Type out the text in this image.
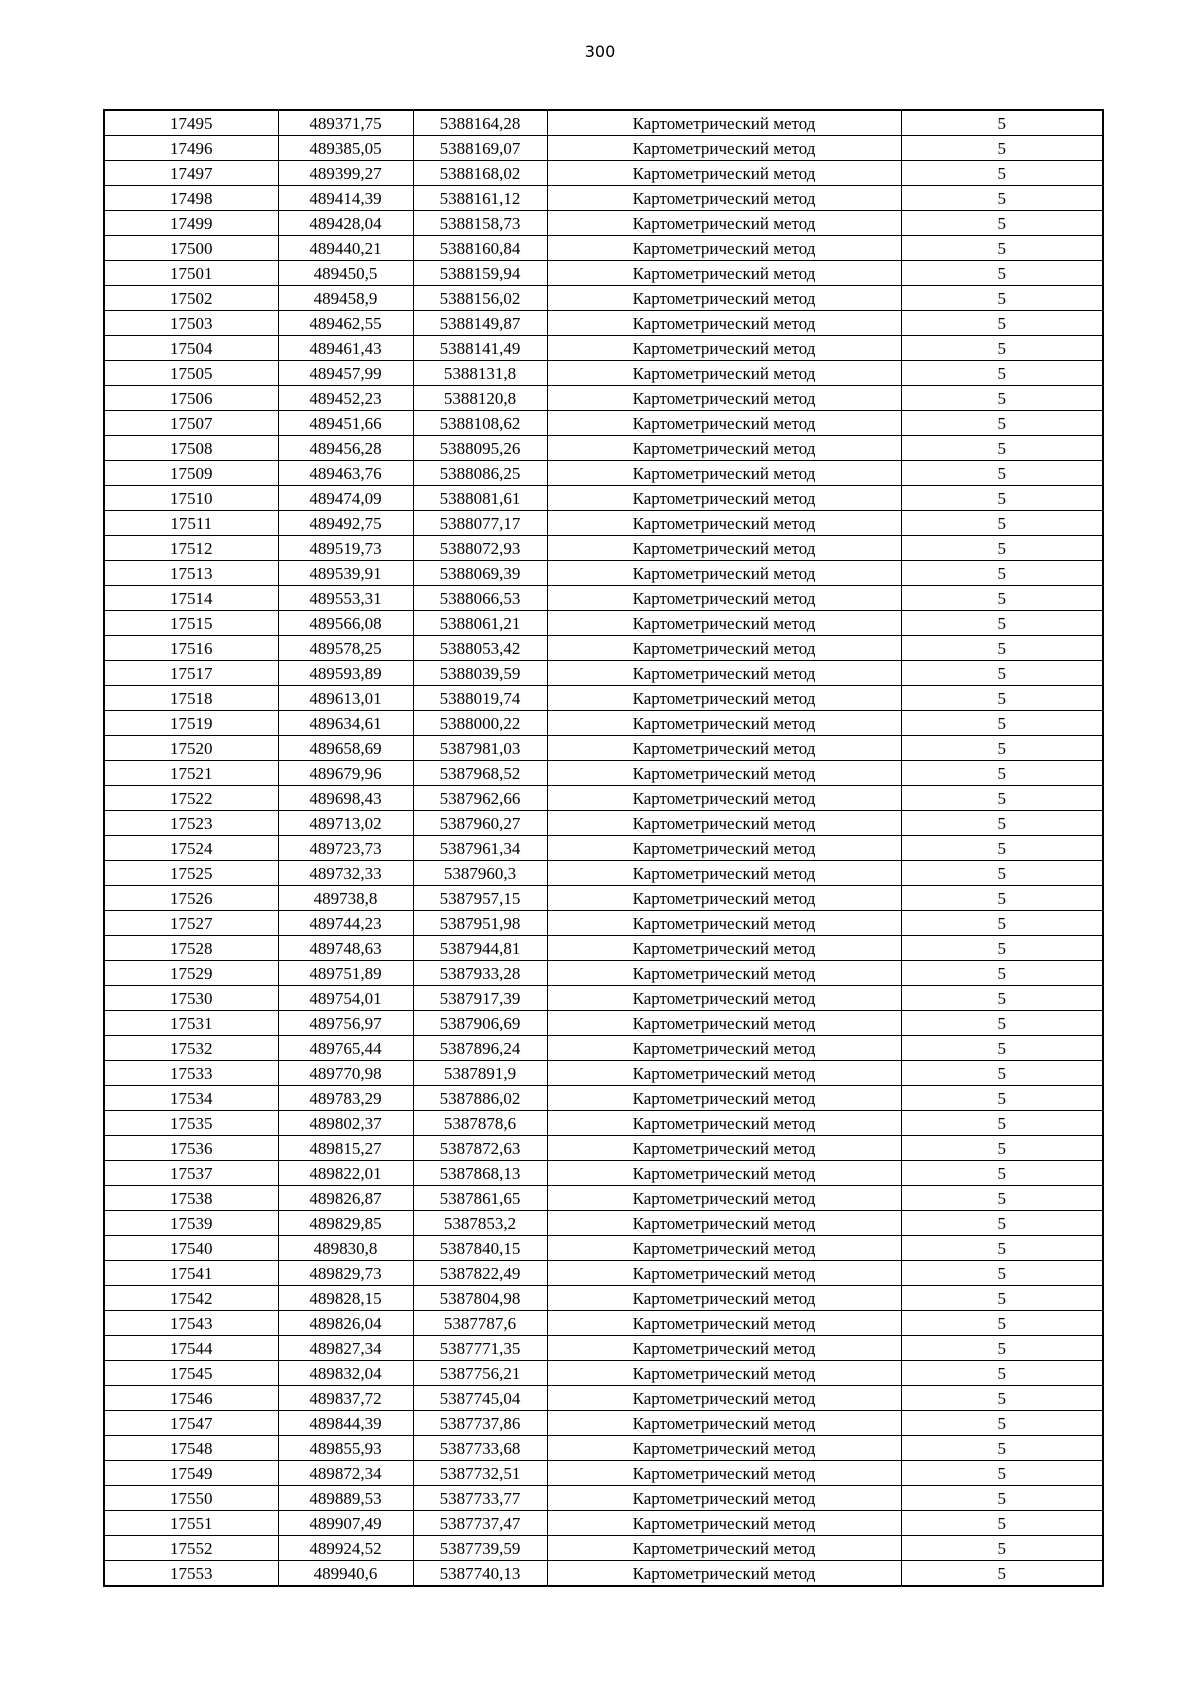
300
17495	489371,75	5388164,28	Картометрический метод	5
17496	489385,05	5388169,07	Картометрический метод	5
17497	489399,27	5388168,02	Картометрический метод	5
17498	489414,39	5388161,12	Картометрический метод	5
17499	489428,04	5388158,73	Картометрический метод	5
17500	489440,21	5388160,84	Картометрический метод	5
17501	489450,5	5388159,94	Картометрический метод	5
17502	489458,9	5388156,02	Картометрический метод	5
17503	489462,55	5388149,87	Картометрический метод	5
17504	489461,43	5388141,49	Картометрический метод	5
17505	489457,99	5388131,8	Картометрический метод	5
17506	489452,23	5388120,8	Картометрический метод	5
17507	489451,66	5388108,62	Картометрический метод	5
17508	489456,28	5388095,26	Картометрический метод	5
17509	489463,76	5388086,25	Картометрический метод	5
17510	489474,09	5388081,61	Картометрический метод	5
17511	489492,75	5388077,17	Картометрический метод	5
17512	489519,73	5388072,93	Картометрический метод	5
17513	489539,91	5388069,39	Картометрический метод	5
17514	489553,31	5388066,53	Картометрический метод	5
17515	489566,08	5388061,21	Картометрический метод	5
17516	489578,25	5388053,42	Картометрический метод	5
17517	489593,89	5388039,59	Картометрический метод	5
17518	489613,01	5388019,74	Картометрический метод	5
17519	489634,61	5388000,22	Картометрический метод	5
17520	489658,69	5387981,03	Картометрический метод	5
17521	489679,96	5387968,52	Картометрический метод	5
17522	489698,43	5387962,66	Картометрический метод	5
17523	489713,02	5387960,27	Картометрический метод	5
17524	489723,73	5387961,34	Картометрический метод	5
17525	489732,33	5387960,3	Картометрический метод	5
17526	489738,8	5387957,15	Картометрический метод	5
17527	489744,23	5387951,98	Картометрический метод	5
17528	489748,63	5387944,81	Картометрический метод	5
17529	489751,89	5387933,28	Картометрический метод	5
17530	489754,01	5387917,39	Картометрический метод	5
17531	489756,97	5387906,69	Картометрический метод	5
17532	489765,44	5387896,24	Картометрический метод	5
17533	489770,98	5387891,9	Картометрический метод	5
17534	489783,29	5387886,02	Картометрический метод	5
17535	489802,37	5387878,6	Картометрический метод	5
17536	489815,27	5387872,63	Картометрический метод	5
17537	489822,01	5387868,13	Картометрический метод	5
17538	489826,87	5387861,65	Картометрический метод	5
17539	489829,85	5387853,2	Картометрический метод	5
17540	489830,8	5387840,15	Картометрический метод	5
17541	489829,73	5387822,49	Картометрический метод	5
17542	489828,15	5387804,98	Картометрический метод	5
17543	489826,04	5387787,6	Картометрический метод	5
17544	489827,34	5387771,35	Картометрический метод	5
17545	489832,04	5387756,21	Картометрический метод	5
17546	489837,72	5387745,04	Картометрический метод	5
17547	489844,39	5387737,86	Картометрический метод	5
17548	489855,93	5387733,68	Картометрический метод	5
17549	489872,34	5387732,51	Картометрический метод	5
17550	489889,53	5387733,77	Картометрический метод	5
17551	489907,49	5387737,47	Картометрический метод	5
17552	489924,52	5387739,59	Картометрический метод	5
17553	489940,6	5387740,13	Картометрический метод	5
